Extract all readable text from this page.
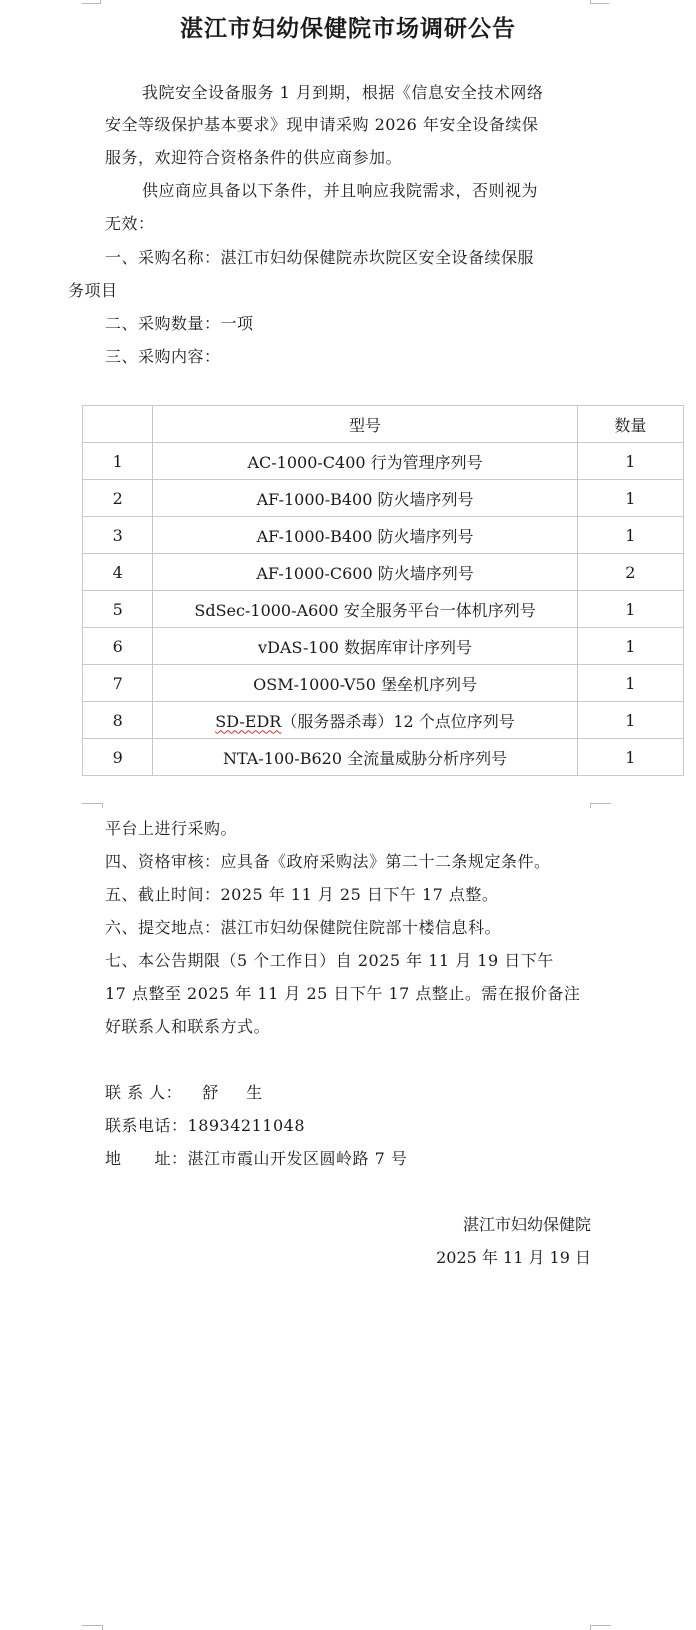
湛江市妇幼保健院市场调研公告
我院安全设备服务 1 月到期，根据《信息安全技术网络
安全等级保护基本要求》现申请采购 2026 年安全设备续保
服务，欢迎符合资格条件的供应商参加。
供应商应具备以下条件，并且响应我院需求，否则视为
无效：
一、采购名称：湛江市妇幼保健院赤坎院区安全设备续保服
务项目
二、采购数量：一项
三、采购内容：
	型号	数量
1	AC-1000-C400 行为管理序列号	1
2	AF-1000-B400 防火墙序列号	1
3	AF-1000-B400 防火墙序列号	1
4	AF-1000-C600 防火墙序列号	2
5	SdSec-1000-A600 安全服务平台一体机序列号	1
6	vDAS-100 数据库审计序列号	1
7	OSM-1000-V50 堡垒机序列号	1
8	SD-EDR（服务器杀毒）12 个点位序列号	1
9	NTA-100-B620 全流量威胁分析序列号	1
平台上进行采购。
四、资格审核：应具备《政府采购法》第二十二条规定条件。
五、截止时间：2025 年 11 月 25 日下午 17 点整。
六、提交地点：湛江市妇幼保健院住院部十楼信息科。
七、本公告期限（5 个工作日）自 2025 年 11 月 19 日下午
17 点整至 2025 年 11 月 25 日下午 17 点整止。需在报价备注
好联系人和联系方式。
联 系 人： 舒　生
联系电话：18934211048
地　　址：湛江市霞山开发区圆岭路 7 号
湛江市妇幼保健院
2025 年 11 月 19 日
